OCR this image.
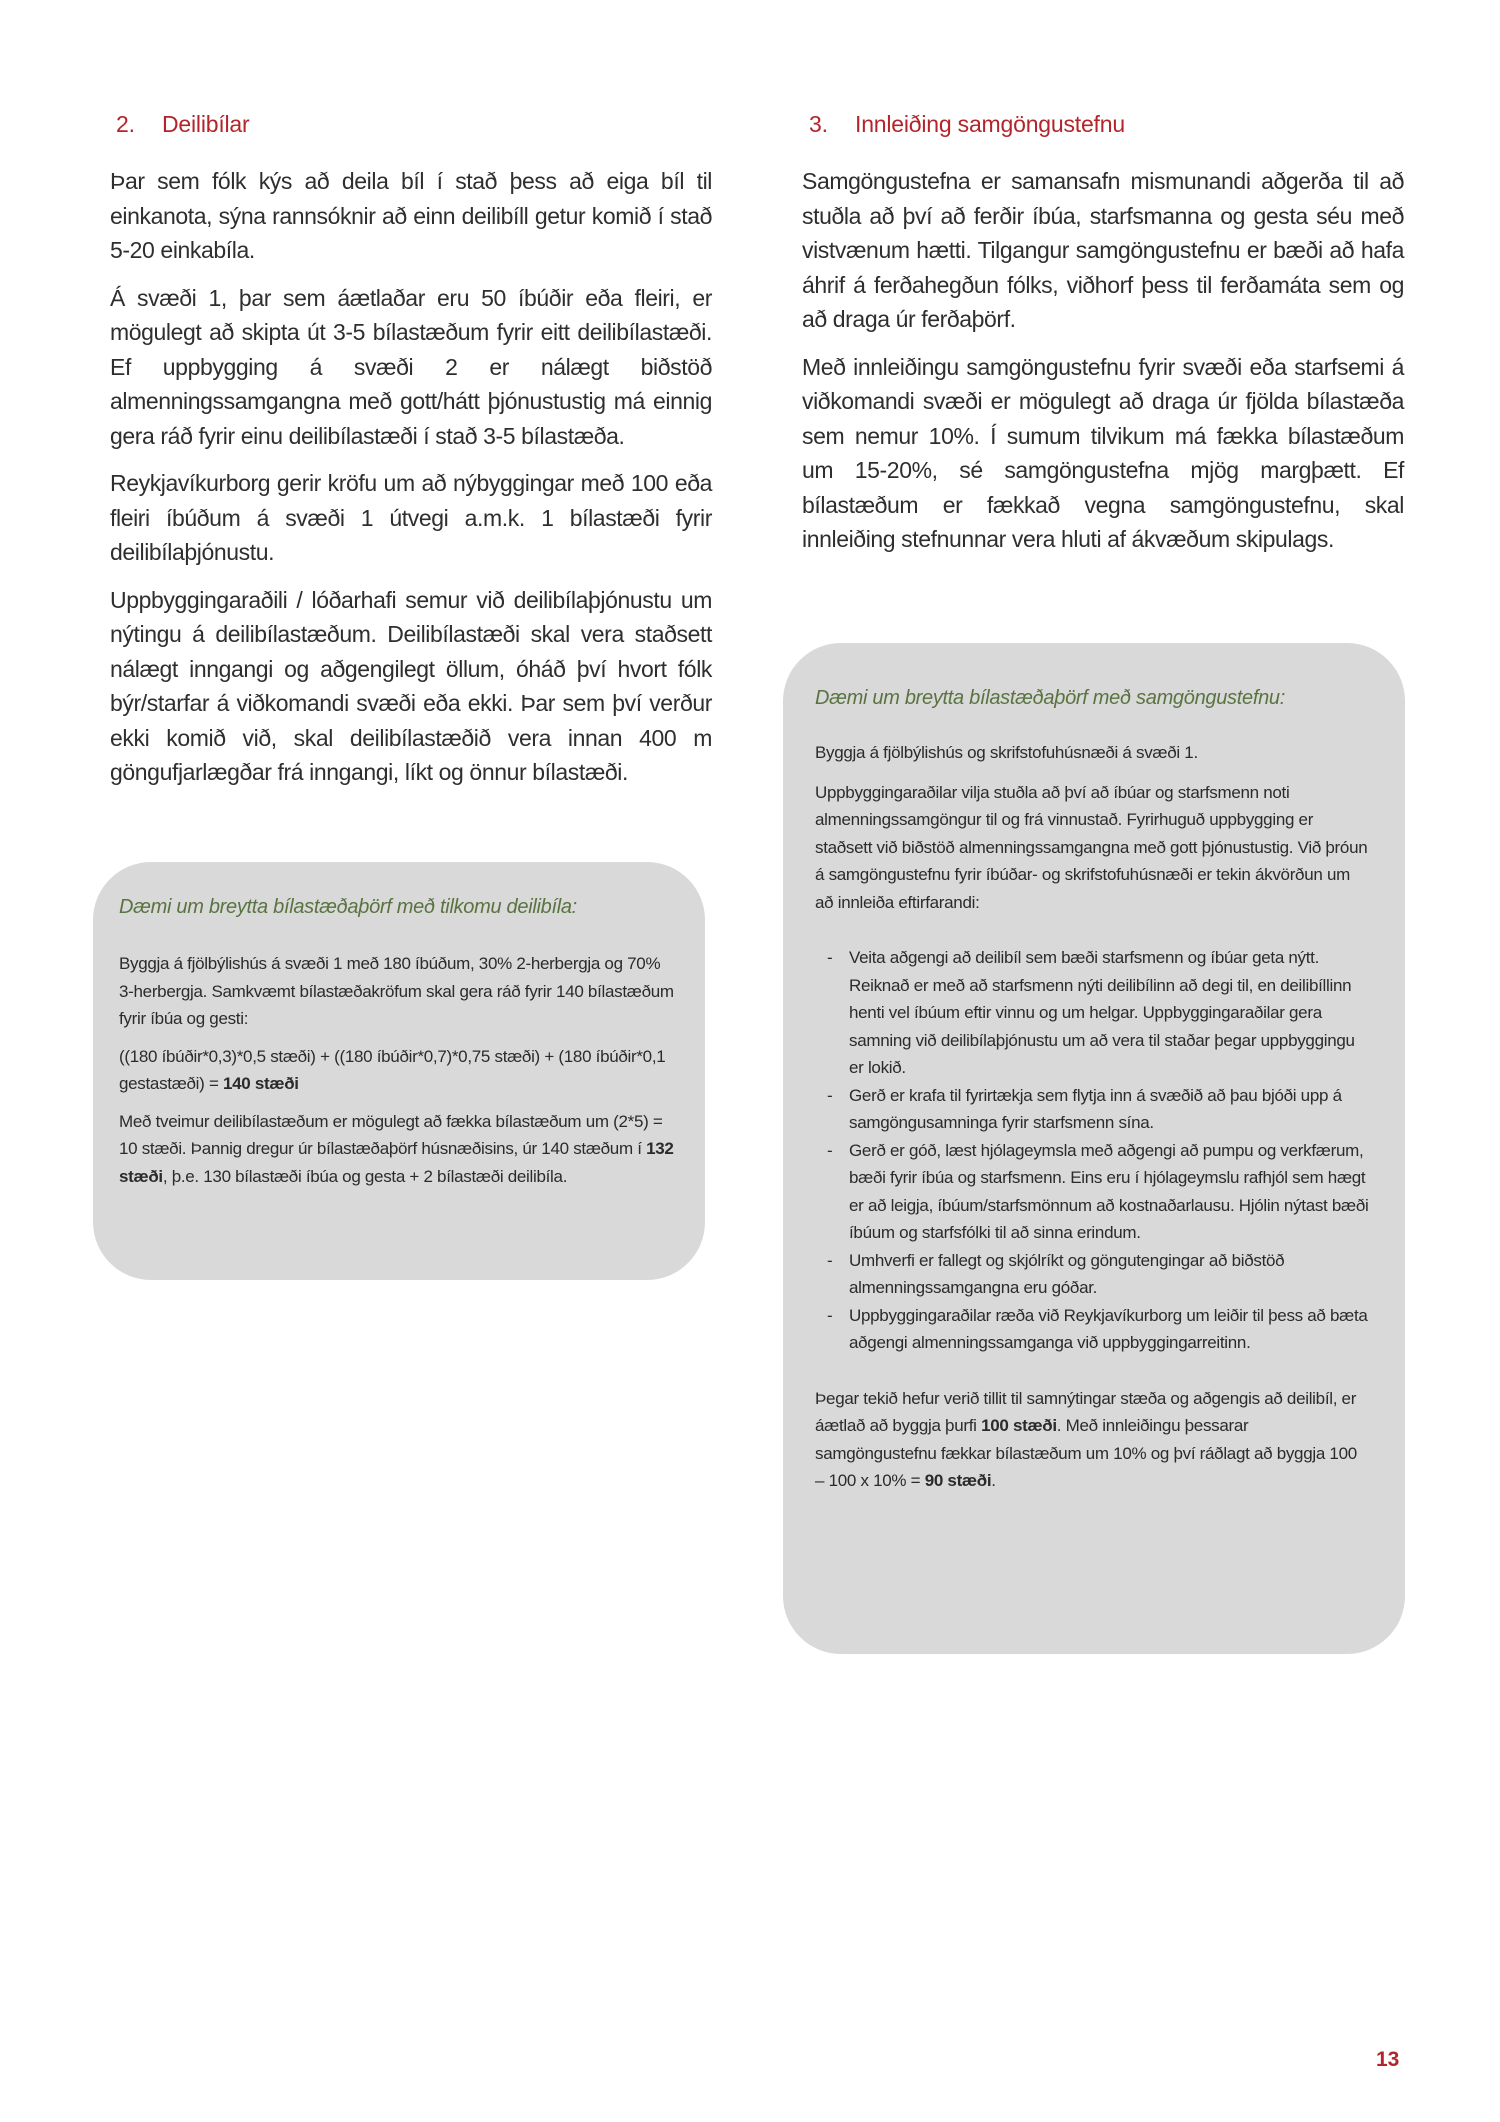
2. Deilibílar

Þar sem fólk kýs að deila bíl í stað þess að eiga bíl til einkanota, sýna rannsóknir að einn deilibíll getur komið í stað 5-20 einkabíla.

Á svæði 1, þar sem áætlaðar eru 50 íbúðir eða fleiri, er mögulegt að skipta út 3-5 bílastæðum fyrir eitt deilibílastæði. Ef uppbygging á svæði 2 er nálægt biðstöð almenningssamgangna með gott/hátt þjónustustig má einnig gera ráð fyrir einu deilibílastæði í stað 3-5 bílastæða.

Reykjavíkurborg gerir kröfu um að nýbyggingar með 100 eða fleiri íbúðum á svæði 1 útvegi a.m.k. 1 bílastæði fyrir deilibílaþjónustu.

Uppbyggingaraðili / lóðarhafi semur við deilibílaþjónustu um nýtingu á deilibílastæðum. Deilibílastæði skal vera staðsett nálægt inngangi og aðgengilegt öllum, óháð því hvort fólk býr/starfar á viðkomandi svæði eða ekki. Þar sem því verður ekki komið við, skal deilibílastæðið vera innan 400 m göngufjarlægðar frá inngangi, líkt og önnur bílastæði.

Dæmi um breytta bílastæðaþörf með tilkomu deilibíla:

Byggja á fjölbýlishús á svæði 1 með 180 íbúðum, 30% 2-herbergja og 70% 3-herbergja. Samkvæmt bílastæðakröfum skal gera ráð fyrir 140 bílastæðum fyrir íbúa og gesti:

((180 íbúðir*0,3)*0,5 stæði) + ((180 íbúðir*0,7)*0,75 stæði) + (180 íbúðir*0,1 gestastæði) = 140 stæði

Með tveimur deilibílastæðum er mögulegt að fækka bílastæðum um (2*5) = 10 stæði. Þannig dregur úr bílastæðaþörf húsnæðisins, úr 140 stæðum í 132 stæði, þ.e. 130 bílastæði íbúa og gesta + 2 bílastæði deilibíla.

3. Innleiðing samgöngustefnu

Samgöngustefna er samansafn mismunandi aðgerða til að stuðla að því að ferðir íbúa, starfsmanna og gesta séu með vistvænum hætti. Tilgangur samgöngustefnu er bæði að hafa áhrif á ferðahegðun fólks, viðhorf þess til ferðamáta sem og að draga úr ferðaþörf.

Með innleiðingu samgöngustefnu fyrir svæði eða starfsemi á viðkomandi svæði er mögulegt að draga úr fjölda bílastæða sem nemur 10%. Í sumum tilvikum má fækka bílastæðum um 15-20%, sé samgöngustefna mjög margþætt. Ef bílastæðum er fækkað vegna samgöngustefnu, skal innleiðing stefnunnar vera hluti af ákvæðum skipulags.

Dæmi um breytta bílastæðaþörf með samgöngustefnu:

Byggja á fjölbýlishús og skrifstofuhúsnæði á svæði 1.

Uppbyggingaraðilar vilja stuðla að því að íbúar og starfsmenn noti almenningssamgöngur til og frá vinnustað. Fyrirhuguð uppbygging er staðsett við biðstöð almenningssamgangna með gott þjónustustig. Við þróun á samgöngustefnu fyrir íbúðar- og skrifstofuhúsnæði er tekin ákvörðun um að innleiða eftirfarandi:

- Veita aðgengi að deilibíl sem bæði starfsmenn og íbúar geta nýtt. Reiknað er með að starfsmenn nýti deilibílinn að degi til, en deilibíllinn henti vel íbúum eftir vinnu og um helgar. Uppbyggingaraðilar gera samning við deilibílaþjónustu um að vera til staðar þegar uppbyggingu er lokið.
- Gerð er krafa til fyrirtækja sem flytja inn á svæðið að þau bjóði upp á samgöngusamninga fyrir starfsmenn sína.
- Gerð er góð, læst hjólageymsla með aðgengi að pumpu og verkfærum, bæði fyrir íbúa og starfsmenn. Eins eru í hjólageymslu rafhjól sem hægt er að leigja, íbúum/starfsmönnum að kostnaðarlausu. Hjólin nýtast bæði íbúum og starfsfólki til að sinna erindum.
- Umhverfi er fallegt og skjólríkt og göngutengingar að biðstöð almenningssamgangna eru góðar.
- Uppbyggingaraðilar ræða við Reykjavíkurborg um leiðir til þess að bæta aðgengi almenningssamganga við uppbyggingarreitinn.

Þegar tekið hefur verið tillit til samnýtingar stæða og aðgengis að deilibíl, er áætlað að byggja þurfi 100 stæði. Með innleiðingu þessarar samgöngustefnu fækkar bílastæðum um 10% og því ráðlagt að byggja 100 – 100 x 10% = 90 stæði.

13
